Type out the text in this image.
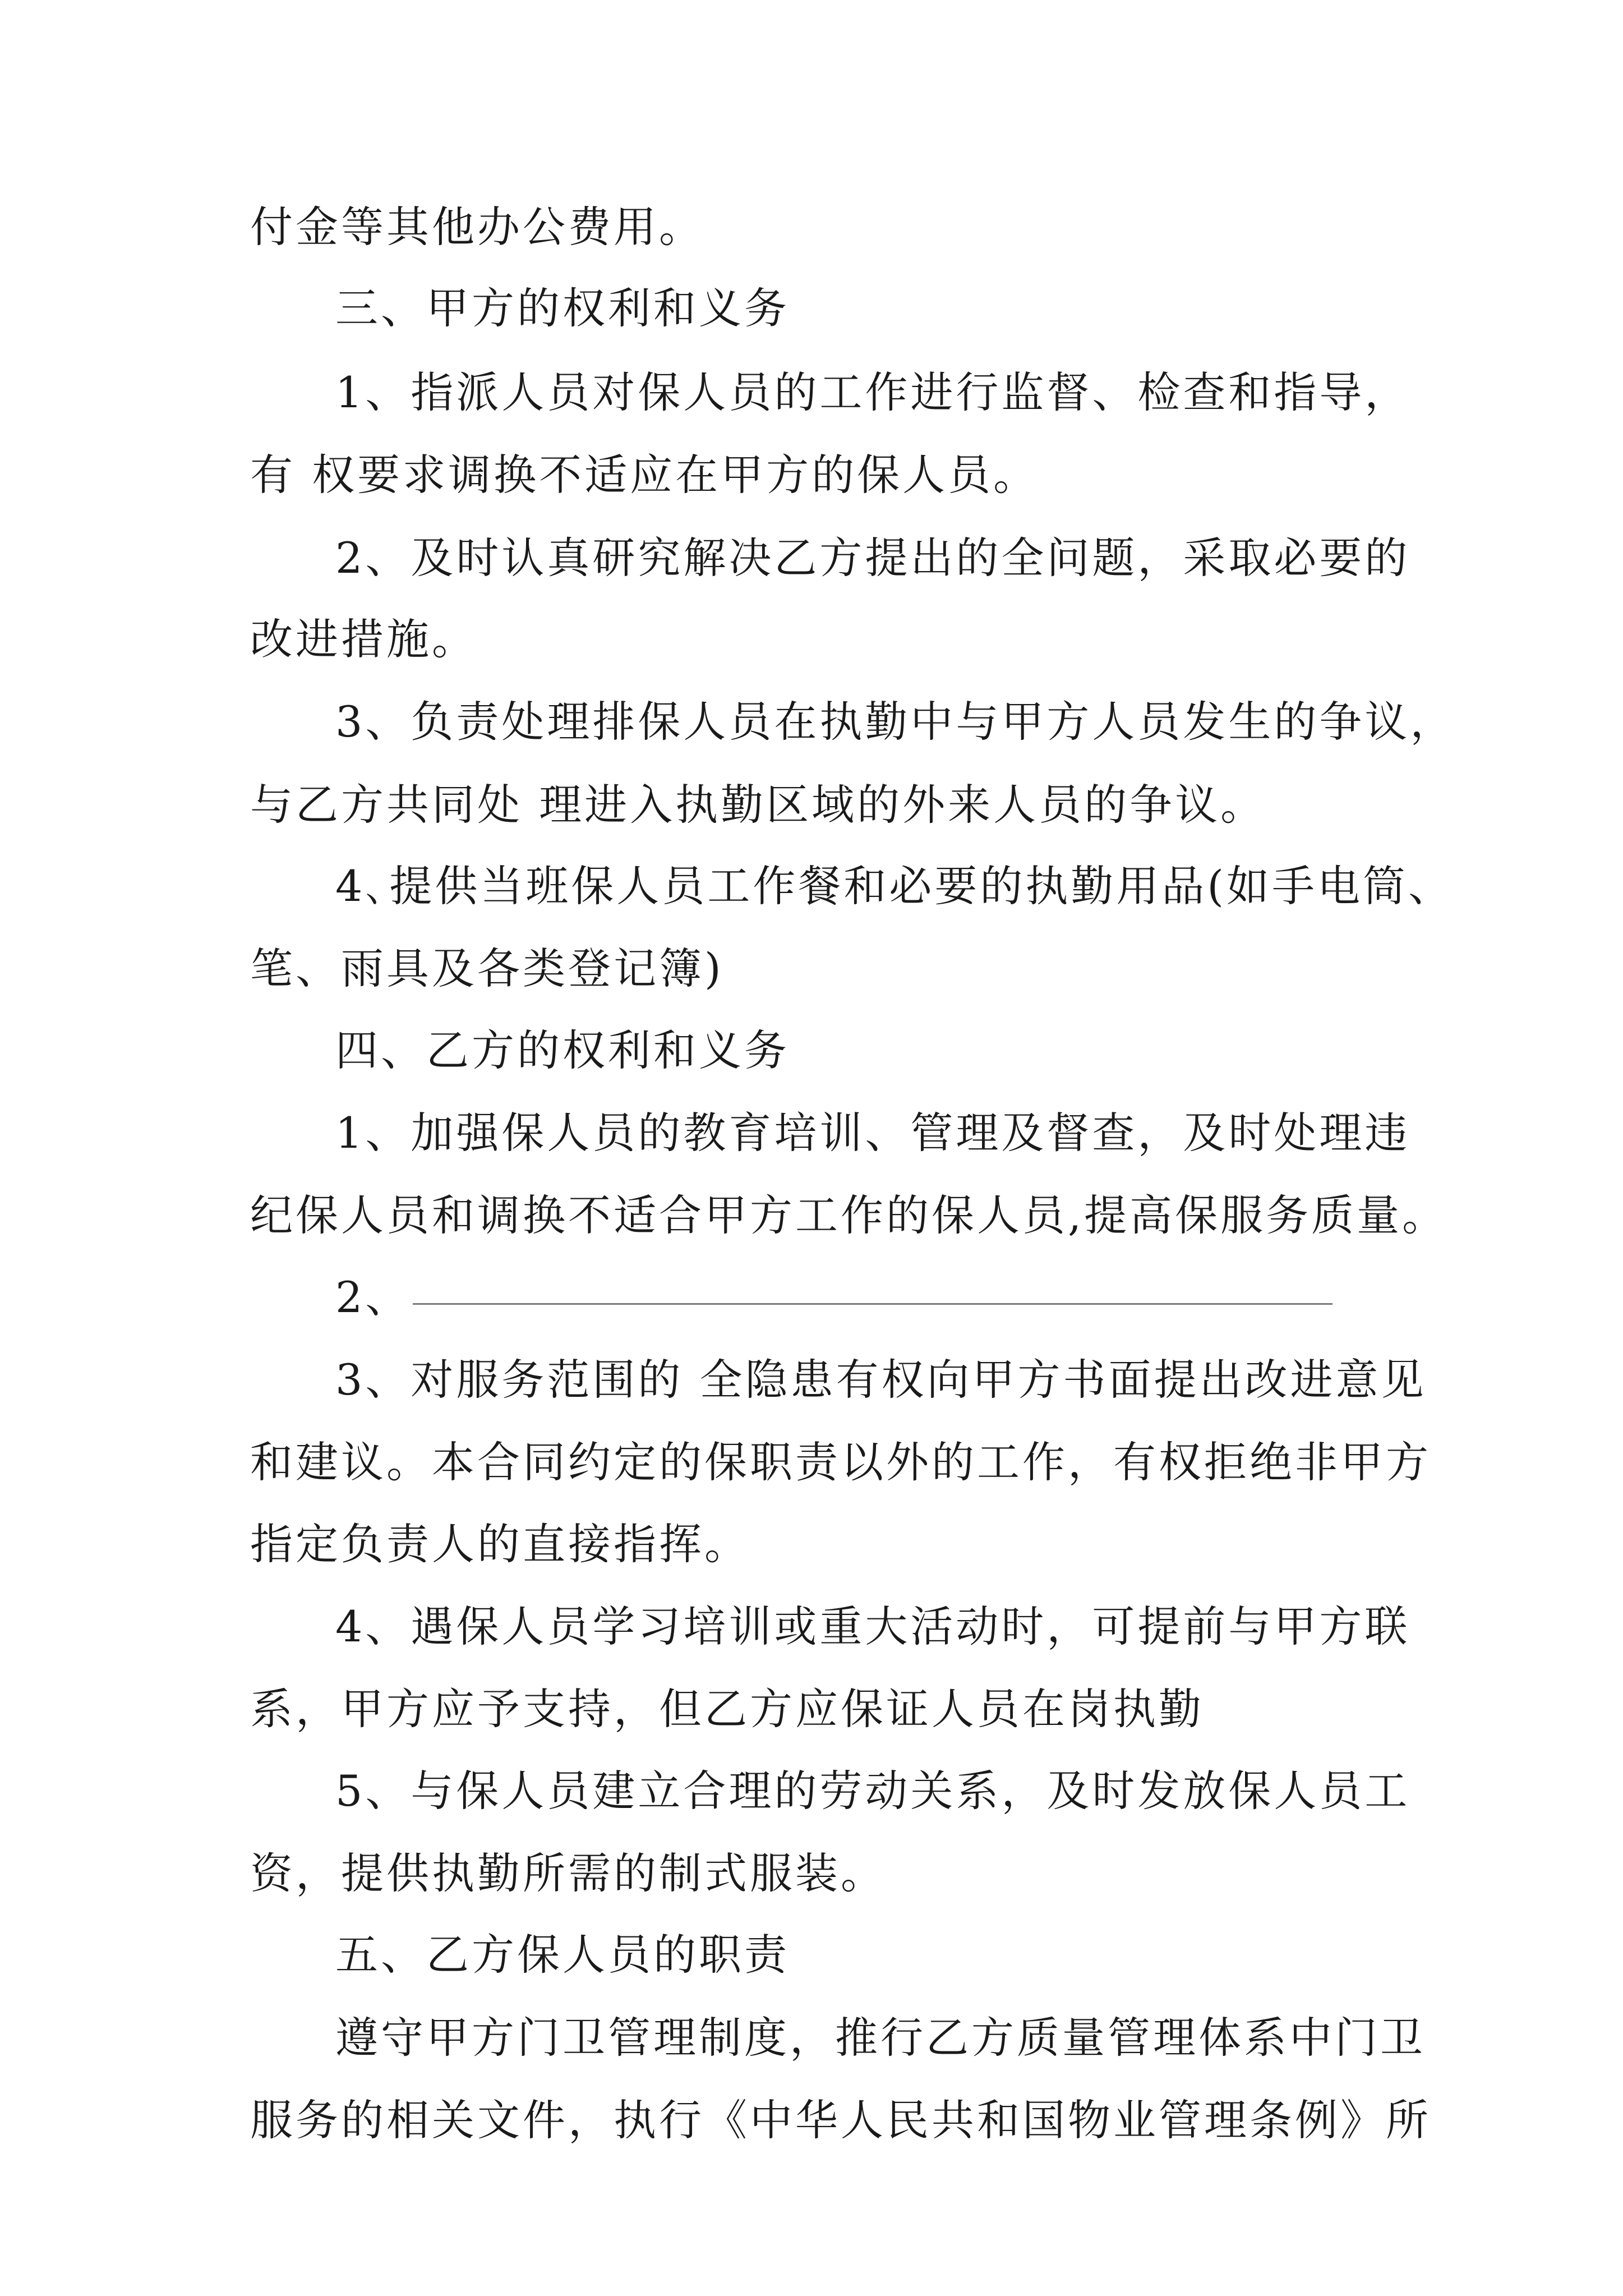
付金等其他办公费用。
三、甲方的权利和义务
1、指派人员对保人员的工作进行监督、检查和指导，
有 权要求调换不适应在甲方的保人员。
2、及时认真研究解决乙方提出的全问题，采取必要的
改进措施。
3、负责处理排保人员在执勤中与甲方人员发生的争议，
与乙方共同处 理进入执勤区域的外来人员的争议。
4､提供当班保人员工作餐和必要的执勤用品(如手电筒、
笔、雨具及各类登记簿)
四、乙方的权利和义务
1、加强保人员的教育培训、管理及督查，及时处理违
纪保人员和调换不适合甲方工作的保人员,提高保服务质量。
2、
3、对服务范围的 全隐患有权向甲方书面提出改进意见
和建议。本合同约定的保职责以外的工作，有权拒绝非甲方
指定负责人的直接指挥。
4、遇保人员学习培训或重大活动时，可提前与甲方联
系，甲方应予支持，但乙方应保证人员在岗执勤
5、与保人员建立合理的劳动关系，及时发放保人员工
资，提供执勤所需的制式服装。
五、乙方保人员的职责
遵守甲方门卫管理制度，推行乙方质量管理体系中门卫
服务的相关文件，执行《中华人民共和国物业管理条例》所
